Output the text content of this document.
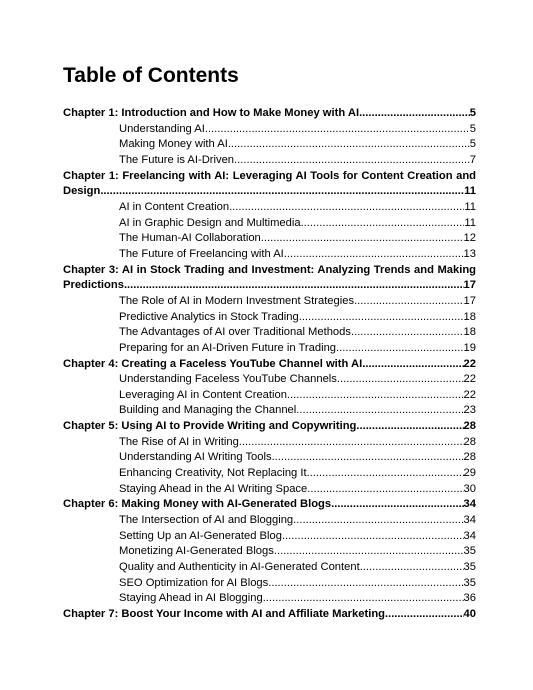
Table of Contents
Chapter 1: Introduction and How to Make Money with AI .....	5
Understanding AI .....	5
Making Money with AI .....	5
The Future is AI-Driven .....	7
Chapter 1: Freelancing with AI: Leveraging AI Tools for Content Creation and
Design .....	11
AI in Content Creation .....	11
AI in Graphic Design and Multimedia .....	11
The Human-AI Collaboration .....	12
The Future of Freelancing with AI .....	13
Chapter 3: AI in Stock Trading and Investment: Analyzing Trends and Making
Predictions .....	17
The Role of AI in Modern Investment Strategies .....	17
Predictive Analytics in Stock Trading .....	18
The Advantages of AI over Traditional Methods .....	18
Preparing for an AI-Driven Future in Trading .....	19
Chapter 4: Creating a Faceless YouTube Channel with AI .....	22
Understanding Faceless YouTube Channels .....	22
Leveraging AI in Content Creation .....	22
Building and Managing the Channel .....	23
Chapter 5: Using AI to Provide Writing and Copywriting .....	28
The Rise of AI in Writing .....	28
Understanding AI Writing Tools .....	28
Enhancing Creativity, Not Replacing It .....	29
Staying Ahead in the AI Writing Space .....	30
Chapter 6: Making Money with AI-Generated Blogs .....	34
The Intersection of AI and Blogging .....	34
Setting Up an AI-Generated Blog .....	34
Monetizing AI-Generated Blogs .....	35
Quality and Authenticity in AI-Generated Content .....	35
SEO Optimization for AI Blogs .....	35
Staying Ahead in AI Blogging .....	36
Chapter 7: Boost Your Income with AI and Affiliate Marketing .....	40
